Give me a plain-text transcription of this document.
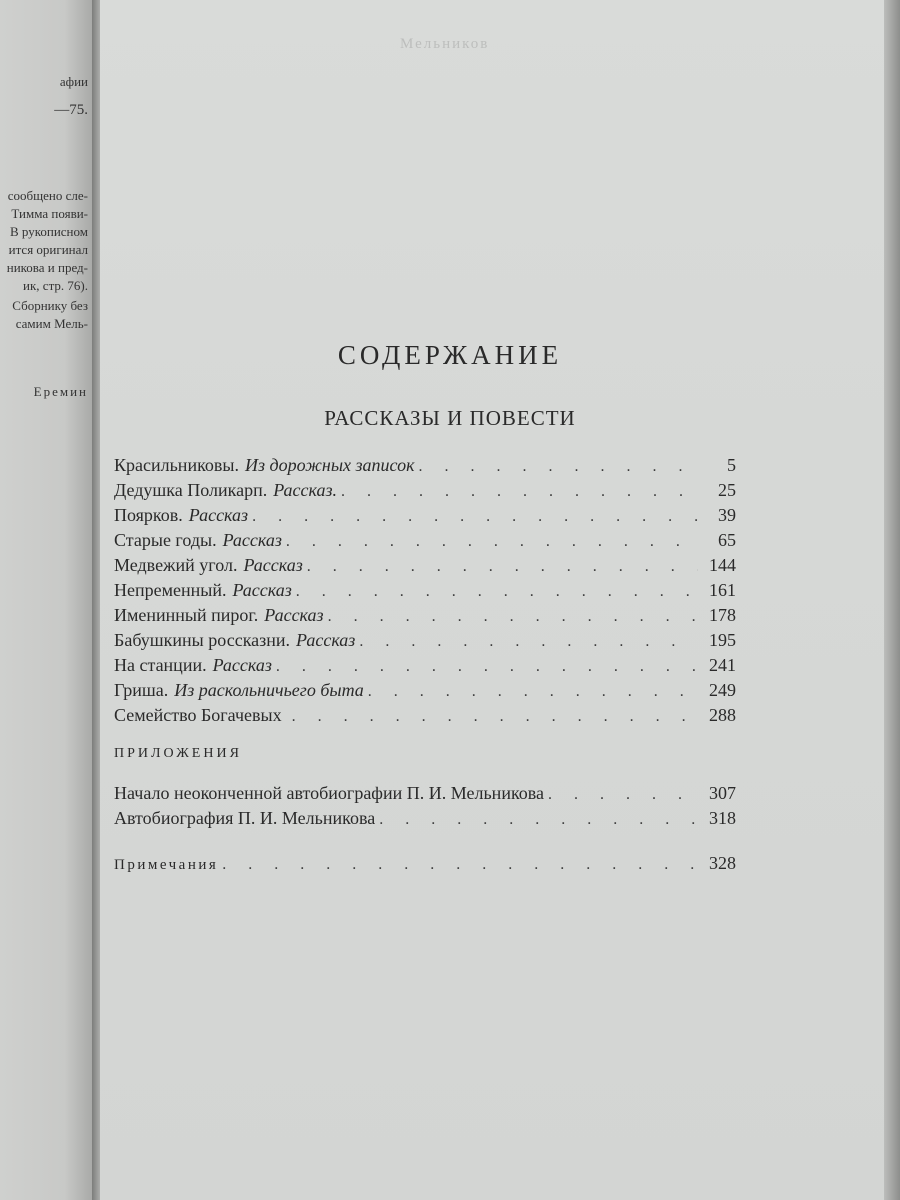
афии
—75.
сообщено сле-
Тимма появи-
В рукописном
ится оригинал
никова и пред-
ик, стр. 76).
Сборнику без
самим Мель-
Еремин
Мельников
СОДЕРЖАНИЕ
РАССКАЗЫ И ПОВЕСТИ
Красильниковы. Из дорожных записок . . .	5
Дедушка Поликарп. Рассказ. . . .	25
Поярков. Рассказ . . .	39
Старые годы. Рассказ . . .	65
Медвежий угол. Рассказ . . .	144
Непременный. Рассказ . . .	161
Именинный пирог. Рассказ . . .	178
Бабушкины россказни. Рассказ . . .	195
На станции. Рассказ . . .	241
Гриша. Из раскольничьего быта . . .	249
Семейство Богачевых . . .	288
ПРИЛОЖЕНИЯ
Начало неоконченной автобиографии П. И. Мельникова . . .	307
Автобиография П. И. Мельникова . . .	318
Примечания . . .	328
